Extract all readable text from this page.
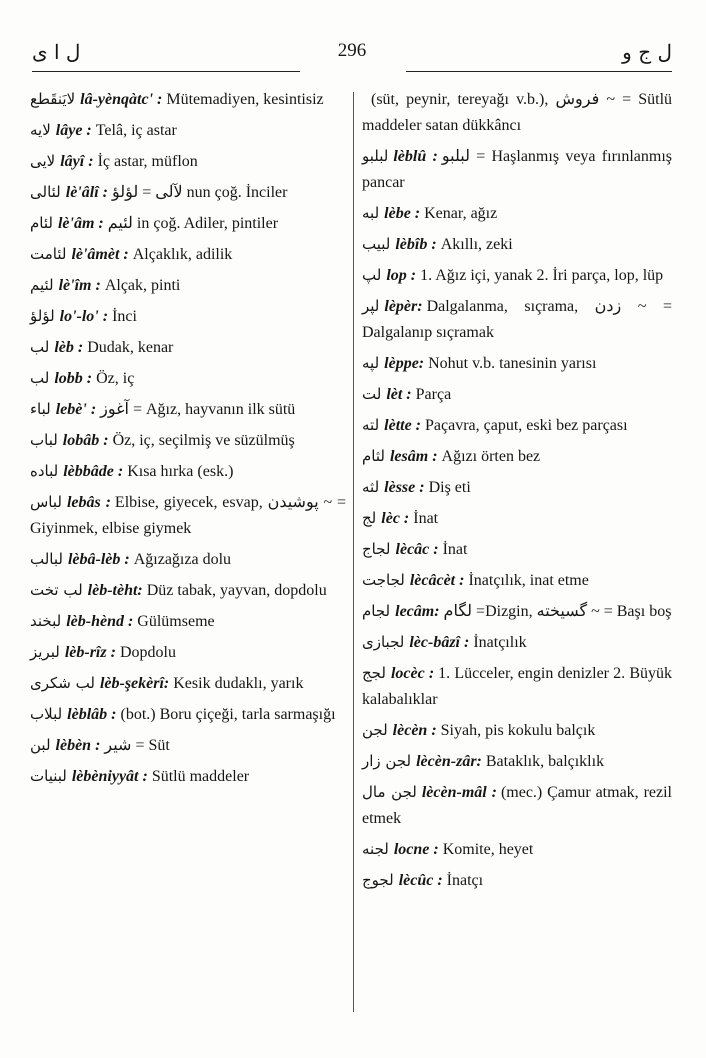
ل ا ى	296	ل ج و

لايَنقَطع lâ-yènqàtc' : Mütemadiyen, kesintisiz

لايه lâye : Telâ, iç astar

لايى lâyî : İç astar, müflon

لئالى lè'âlî : لآلى = لؤلؤ nun çoğ. İnciler

لئام lè'âm : لئيم in çoğ. Adiler, pintiler

لئامت lè'âmèt : Alçaklık, adilik

لئيم lè'îm : Alçak, pinti

لؤلؤ lo'-lo' : İnci

لب lèb : Dudak, kenar

لب lobb : Öz, iç

لباء lebè' : آغوز = Ağız, hayvanın ilk sütü

لباب lobâb : Öz, iç, seçilmiş ve süzülmüş

لباده lèbbâde : Kısa hırka (esk.)

لباس lebâs : Elbise, giyecek, esvap, پوشيدن ~ = Giyinmek, elbise giymek

لبالب lèbâ-lèb : Ağızağıza dolu

لب تخت lèb-tèht: Düz tabak, yayvan, dopdolu

لبخند lèb-hènd : Gülümseme

لبريز lèb-rîz : Dopdolu

لب شكرى lèb-şekèrî: Kesik dudaklı, yarık

لبلاب lèblâb : (bot.) Boru çiçeği, tarla sarmaşığı

لبن lèbèn : شير = Süt

لبنيات lèbèniyyât : Sütlü maddeler

(süt, peynir, tereyağı v.b.), فروش ~ = Sütlü maddeler satan dükkâncı

لبلبو lèblû : لبلبو = Haşlanmış veya fırınlanmış pancar

لبه lèbe : Kenar, ağız

لبيب lèbîb : Akıllı, zeki

لپ lop : 1. Ağız içi, yanak 2. İri parça, lop, lüp

لپر lèpèr: Dalgalanma, sıçrama, زدن ~ = Dalgalanıp sıçramak

لپه lèppe: Nohut v.b. tanesinin yarısı

لت lèt : Parça

لته lètte : Paçavra, çaput, eski bez parçası

لثام lesâm : Ağızı örten bez

لثه lèsse : Diş eti

لج lèc : İnat

لجاج lècâc : İnat

لجاجت lècâcèt : İnatçılık, inat etme

لجام lecâm: لگام =Dizgin, گسيخته ~ = Başı boş

لجبازى lèc-bâzî : İnatçılık

لجج locèc : 1. Lücceler, engin denizler 2. Büyük kalabalıklar

لجن lècèn : Siyah, pis kokulu balçık

لجن زار lècèn-zâr: Bataklık, balçıklık

لجن مال lècèn-mâl : (mec.) Çamur atmak, rezil etmek

لجنه locne : Komite, heyet

لجوج lècûc : İnatçı
